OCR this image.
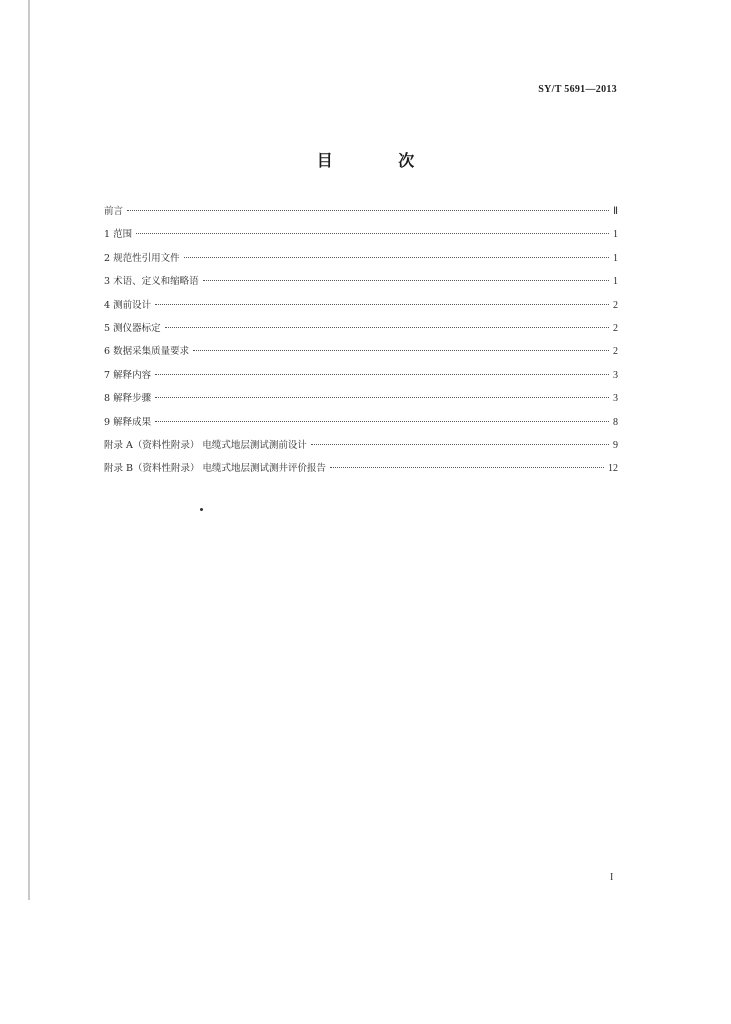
SY/T 5691—2013
目 次
前言	Ⅱ
1 范围	1
2 规范性引用文件	1
3 术语、定义和缩略语	1
4 测前设计	2
5 测仪器标定	2
6 数据采集质量要求	2
7 解释内容	3
8 解释步骤	3
9 解释成果	8
附录 A（资料性附录） 电缆式地层测试测前设计	9
附录 B（资料性附录） 电缆式地层测试测井评价报告	12
I
